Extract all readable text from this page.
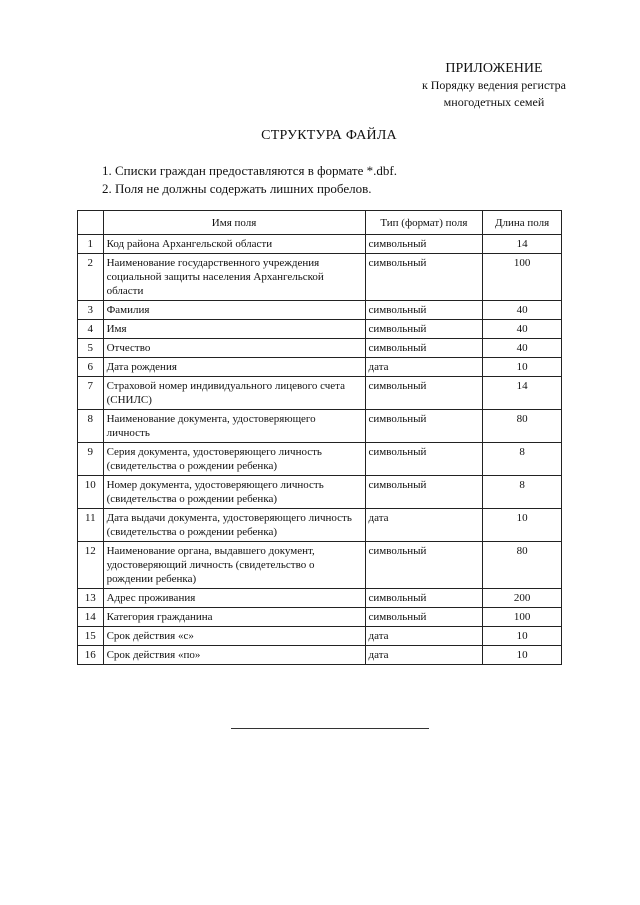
ПРИЛОЖЕНИЕ
к Порядку ведения регистра
многодетных семей
СТРУКТУРА ФАЙЛА
1. Списки граждан предоставляются в формате *.dbf.
2. Поля не должны содержать лишних пробелов.
	Имя поля	Тип (формат) поля	Длина поля
1	Код района Архангельской области	символьный	14
2	Наименование государственного учреждения социальной защиты населения Архангельской области	символьный	100
3	Фамилия	символьный	40
4	Имя	символьный	40
5	Отчество	символьный	40
6	Дата рождения	дата	10
7	Страховой номер индивидуального лицевого счета (СНИЛС)	символьный	14
8	Наименование документа, удостоверяющего личность	символьный	80
9	Серия документа, удостоверяющего личность (свидетельства о рождении ребенка)	символьный	8
10	Номер документа, удостоверяющего личность (свидетельства о рождении ребенка)	символьный	8
11	Дата выдачи документа, удостоверяющего личность (свидетельства о рождении ребенка)	дата	10
12	Наименование органа, выдавшего документ, удостоверяющий личность (свидетельство о рождении ребенка)	символьный	80
13	Адрес проживания	символьный	200
14	Категория гражданина	символьный	100
15	Срок действия «с»	дата	10
16	Срок действия «по»	дата	10
